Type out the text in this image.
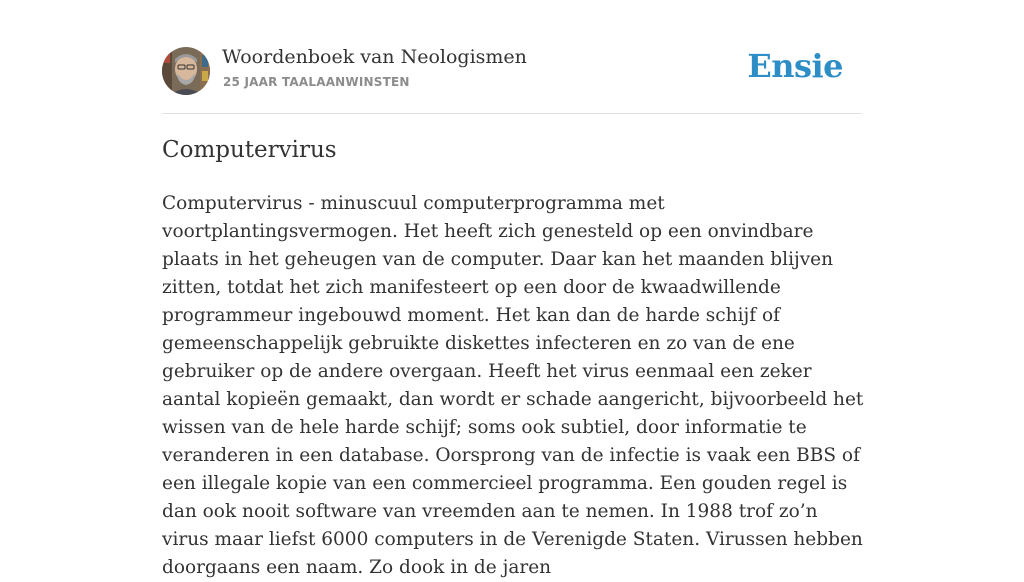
Woordenboek van Neologismen
25 JAAR TAALAANWINSTEN	Ensie
Computervirus

Computervirus - minuscuul computerprogramma met voortplantingsvermogen. Het heeft zich genesteld op een onvindbare plaats in het geheugen van de computer. Daar kan het maanden blijven zitten, totdat het zich manifesteert op een door de kwaadwillende programmeur ingebouwd moment. Het kan dan de harde schijf of gemeenschappelijk gebruikte diskettes infecteren en zo van de ene gebruiker op de andere overgaan. Heeft het virus eenmaal een zeker aantal kopieën gemaakt, dan wordt er schade aangericht, bijvoorbeeld het wissen van de hele harde schijf; soms ook subtiel, door informatie te veranderen in een database. Oorsprong van de infectie is vaak een BBS of een illegale kopie van een commercieel programma. Een gouden regel is dan ook nooit software van vreemden aan te nemen. In 1988 trof zo’n virus maar liefst 6000 computers in de Verenigde Staten. Virussen hebben doorgaans een naam. Zo dook in de jaren
